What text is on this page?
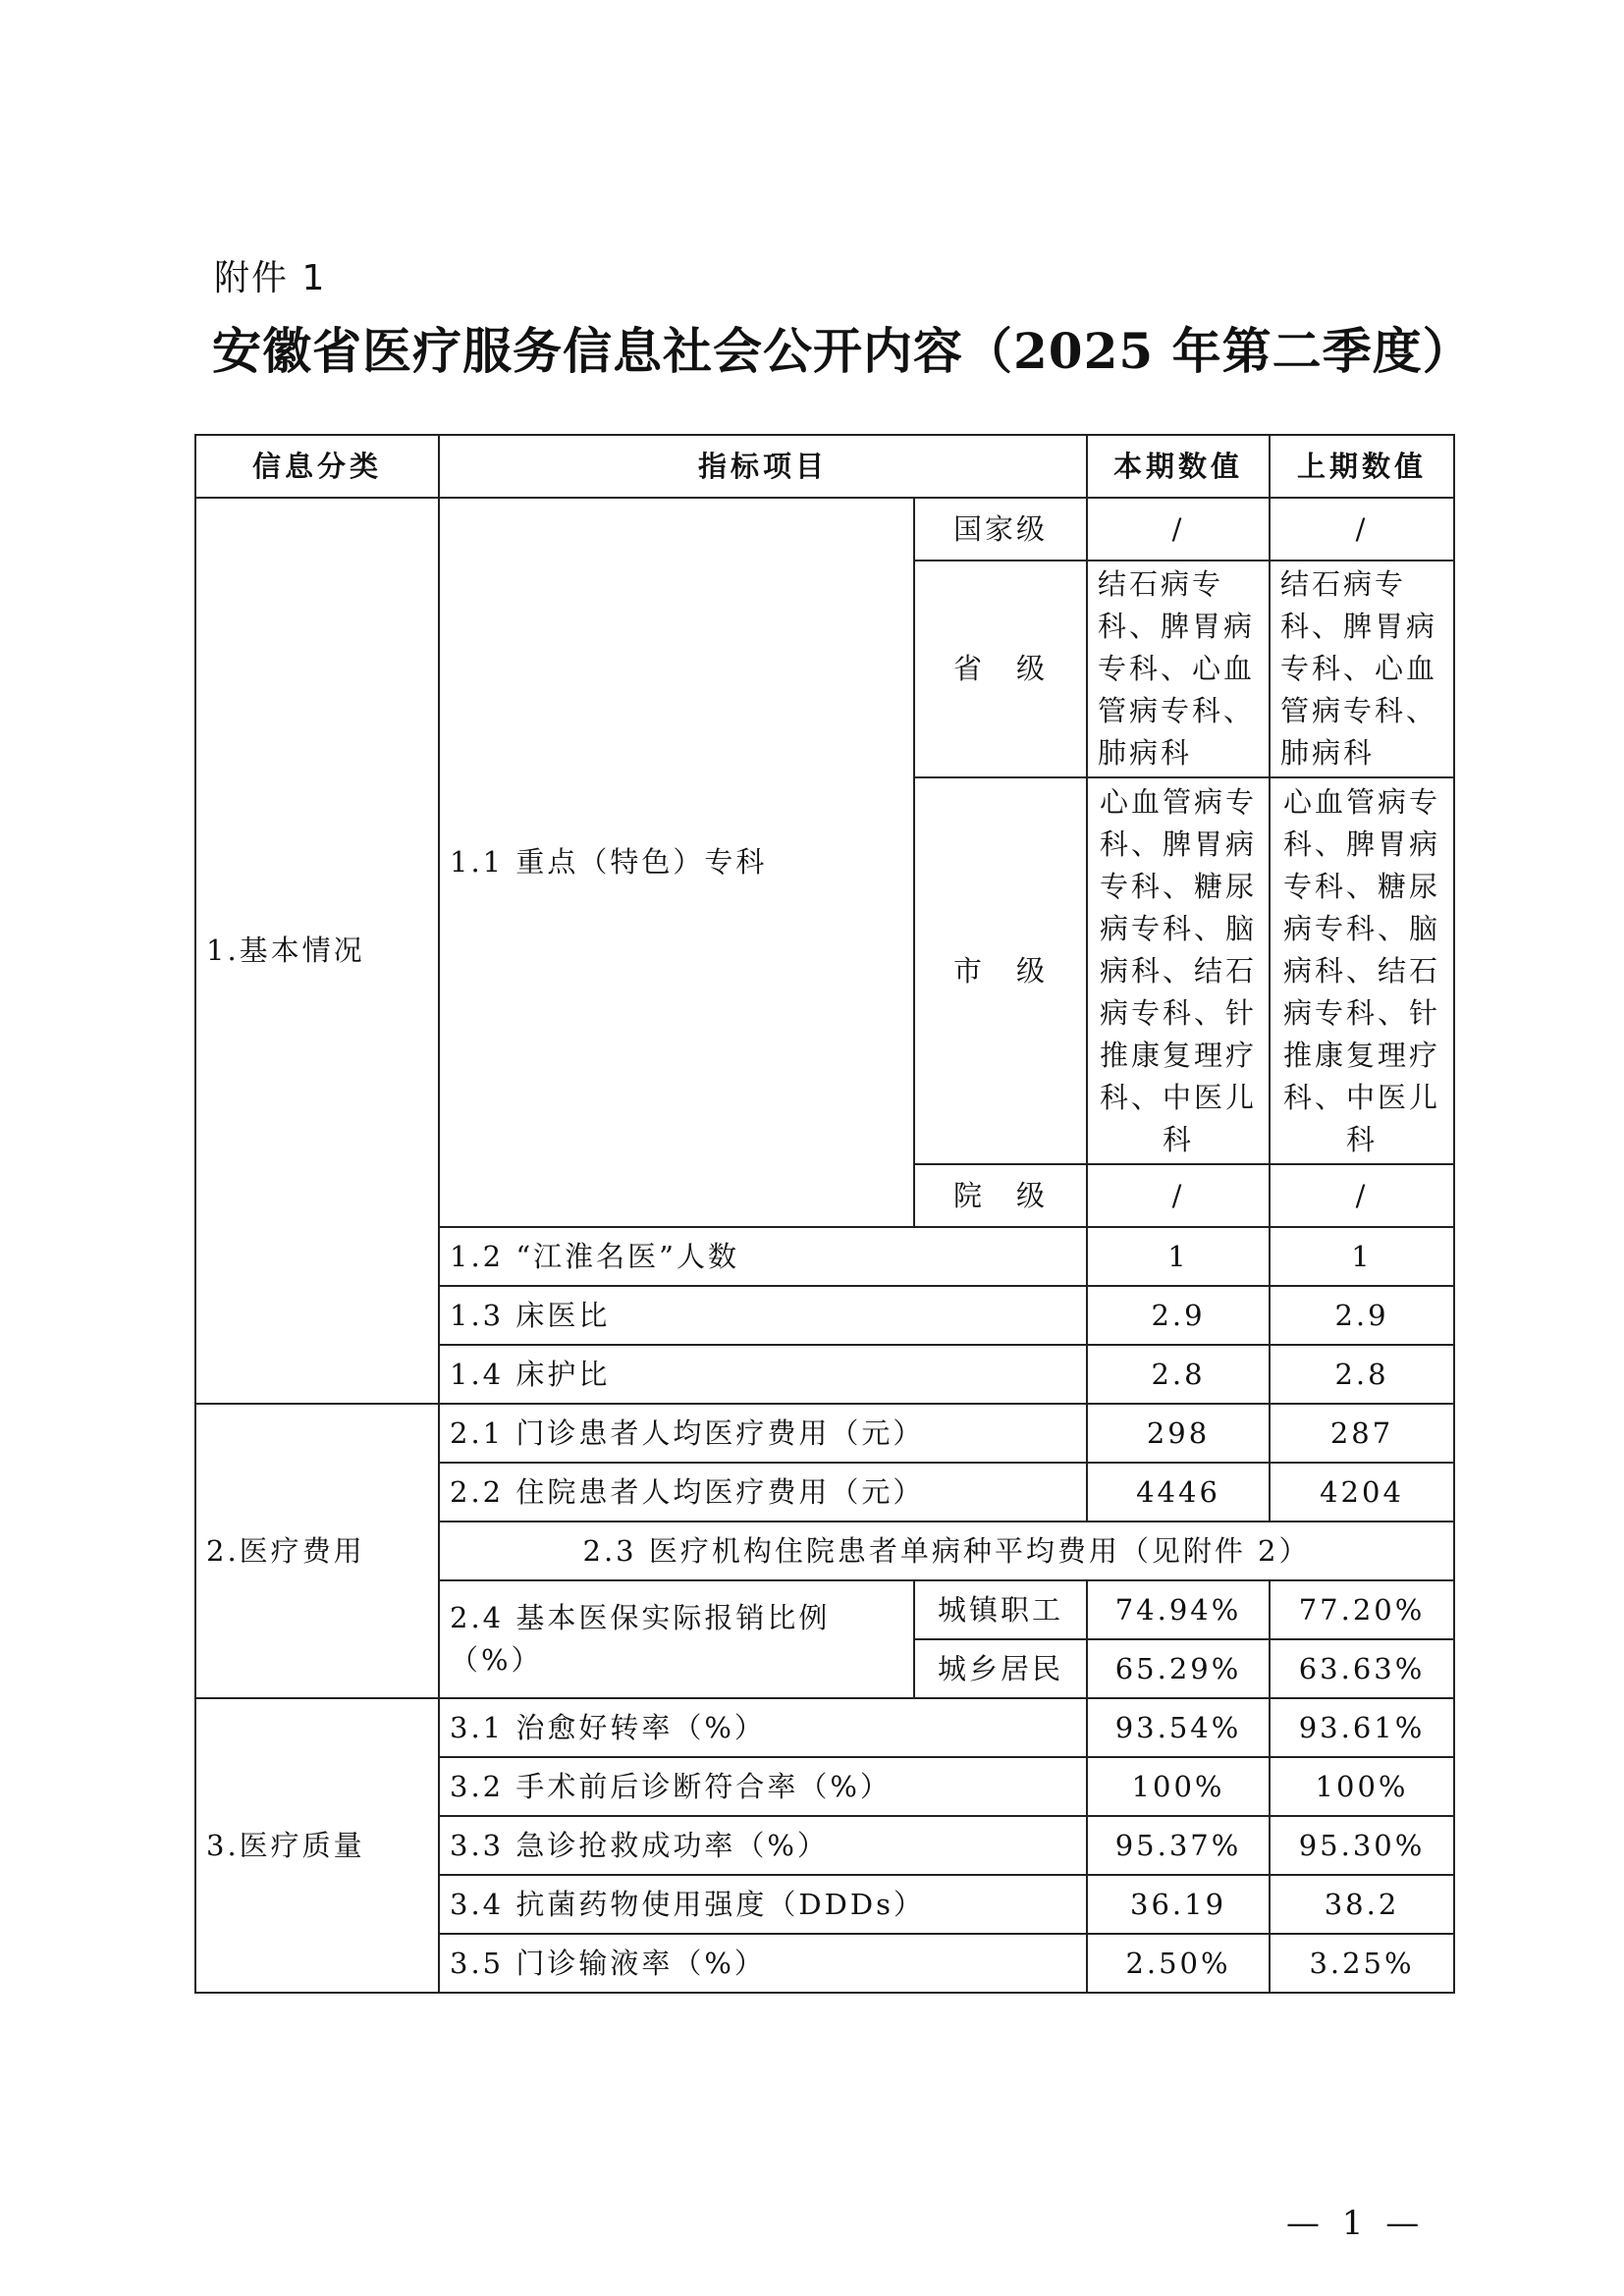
附件 1
安徽省医疗服务信息社会公开内容（2025 年第二季度）
信息分类	指标项目		本期数值	上期数值
1.基本情况	1.1 重点（特色）专科	国家级	/	/
		省　级	结石病专科、脾胃病专科、心血管病专科、肺病科	结石病专科、脾胃病专科、心血管病专科、肺病科
		市　级	心血管病专科、脾胃病专科、糖尿病专科、脑病科、结石病专科、针推康复理疗科、中医儿科	心血管病专科、脾胃病专科、糖尿病专科、脑病科、结石病专科、针推康复理疗科、中医儿科
		院　级	/	/
	1.2 “江淮名医”人数		1	1
	1.3 床医比		2.9	2.9
	1.4 床护比		2.8	2.8
2.医疗费用	2.1 门诊患者人均医疗费用（元）		298	287
	2.2 住院患者人均医疗费用（元）		4446	4204
	2.3 医疗机构住院患者单病种平均费用（见附件 2）			
	2.4 基本医保实际报销比例（%）	城镇职工	74.94%	77.20%
		城乡居民	65.29%	63.63%
3.医疗质量	3.1 治愈好转率（%）		93.54%	93.61%
	3.2 手术前后诊断符合率（%）		100%	100%
	3.3 急诊抢救成功率（%）		95.37%	95.30%
	3.4 抗菌药物使用强度（DDDs）		36.19	38.2
	3.5 门诊输液率（%）		2.50%	3.25%
— 1 —
